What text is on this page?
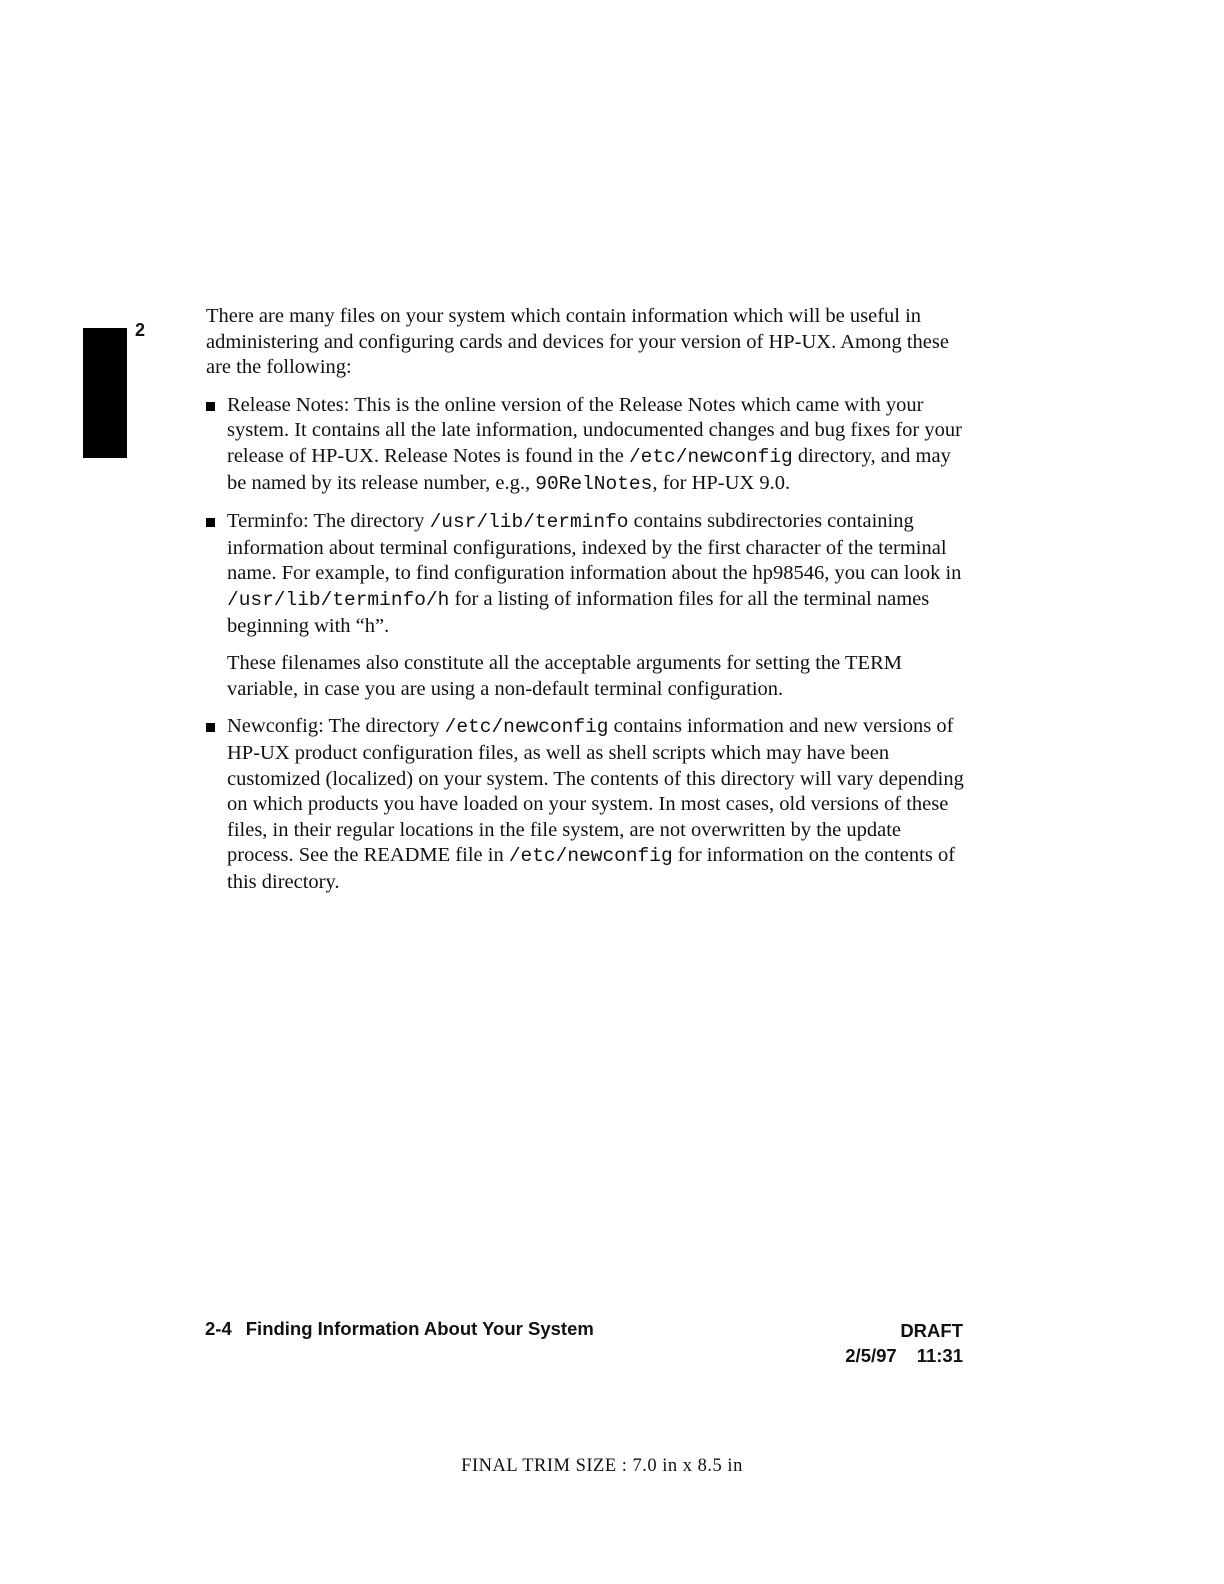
2

There are many files on your system which contain information which will be useful in administering and configuring cards and devices for your version of HP-UX. Among these are the following:

Release Notes: This is the online version of the Release Notes which came with your system. It contains all the late information, undocumented changes and bug fixes for your release of HP-UX. Release Notes is found in the /etc/newconfig directory, and may be named by its release number, e.g., 90RelNotes, for HP-UX 9.0.

Terminfo: The directory /usr/lib/terminfo contains subdirectories containing information about terminal configurations, indexed by the first character of the terminal name. For example, to find configuration information about the hp98546, you can look in /usr/lib/terminfo/h for a listing of information files for all the terminal names beginning with “h”.

These filenames also constitute all the acceptable arguments for setting the TERM variable, in case you are using a non-default terminal configuration.

Newconfig: The directory /etc/newconfig contains information and new versions of HP-UX product configuration files, as well as shell scripts which may have been customized (localized) on your system. The contents of this directory will vary depending on which products you have loaded on your system. In most cases, old versions of these files, in their regular locations in the file system, are not overwritten by the update process. See the README file in /etc/newconfig for information on the contents of this directory.

2-4 Finding Information About Your System	DRAFT
2/5/97 11:31
FINAL TRIM SIZE : 7.0 in x 8.5 in
